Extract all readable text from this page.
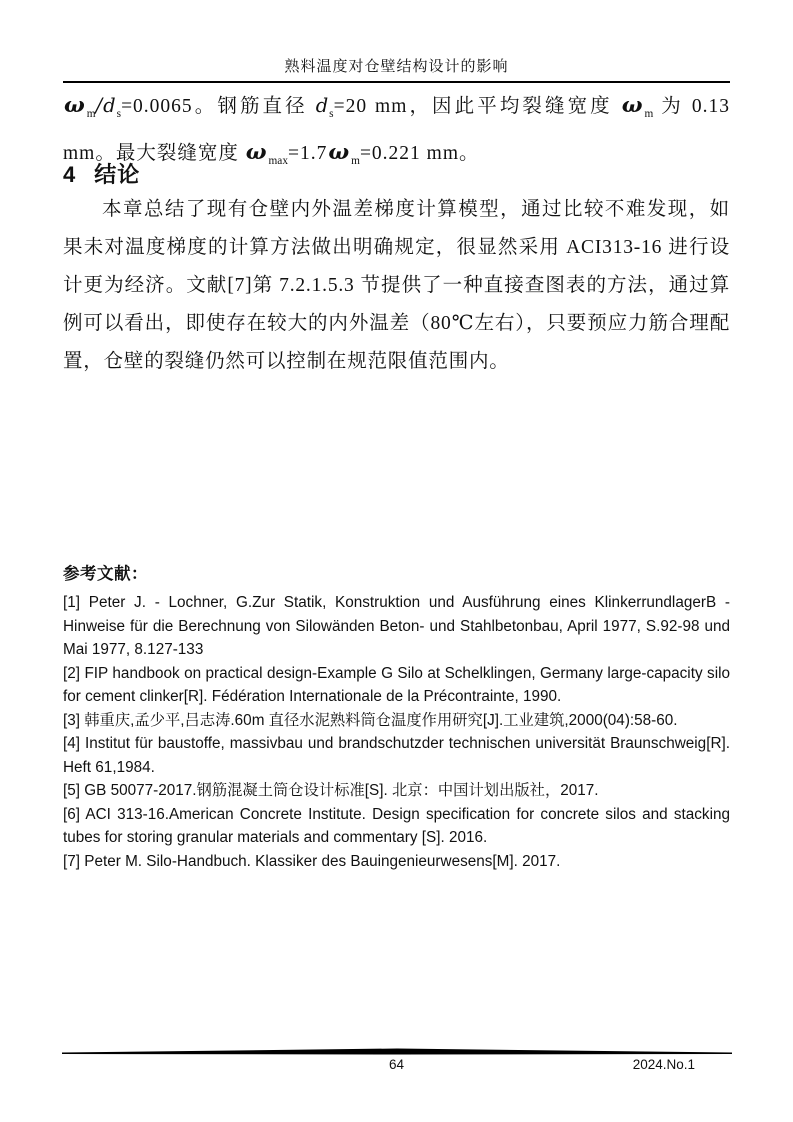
熟料温度对仓壁结构设计的影响
$\omega_m/d_s=0.0065$。钢筋直径 $d_s=20$ mm，因此平均裂缝宽度 $\omega_m$ 为 0.13 mm。最大裂缝宽度 $\omega_{max}=1.7\omega_m=0.221$ mm。
4 结论
本章总结了现有仓壁内外温差梯度计算模型，通过比较不难发现，如果未对温度梯度的计算方法做出明确规定，很显然采用 ACI313-16 进行设计更为经济。文献[7]第 7.2.1.5.3 节提供了一种直接查图表的方法，通过算例可以看出，即使存在较大的内外温差（80℃左右），只要预应力筋合理配置，仓壁的裂缝仍然可以控制在规范限值范围内。
参考文献：
[1] Peter J. - Lochner, G.Zur Statik, Konstruktion und Ausführung eines KlinkerrundlagerB - Hinweise für die Berechnung von Silowänden Beton- und Stahlbetonbau, April 1977, S.92-98 und Mai 1977, 8.127-133
[2] FIP handbook on practical design-Example G Silo at Schelklingen, Germany large-capacity silo for cement clinker[R]. Fédération Internationale de la Précontrainte, 1990.
[3] 韩重庆,孟少平,吕志涛.60m 直径水泥熟料筒仓温度作用研究[J].工业建筑,2000(04):58-60.
[4] Institut für baustoffe, massivbau und brandschutzder technischen universität Braunschweig[R]. Heft 61,1984.
[5] GB 50077-2017.钢筋混凝土筒仓设计标准[S]. 北京：中国计划出版社，2017.
[6] ACI 313-16.American Concrete Institute. Design specification for concrete silos and stacking tubes for storing granular materials and commentary [S]. 2016.
[7] Peter M. Silo-Handbuch. Klassiker des Bauingenieurwesens[M]. 2017.
64	2024.No.1
